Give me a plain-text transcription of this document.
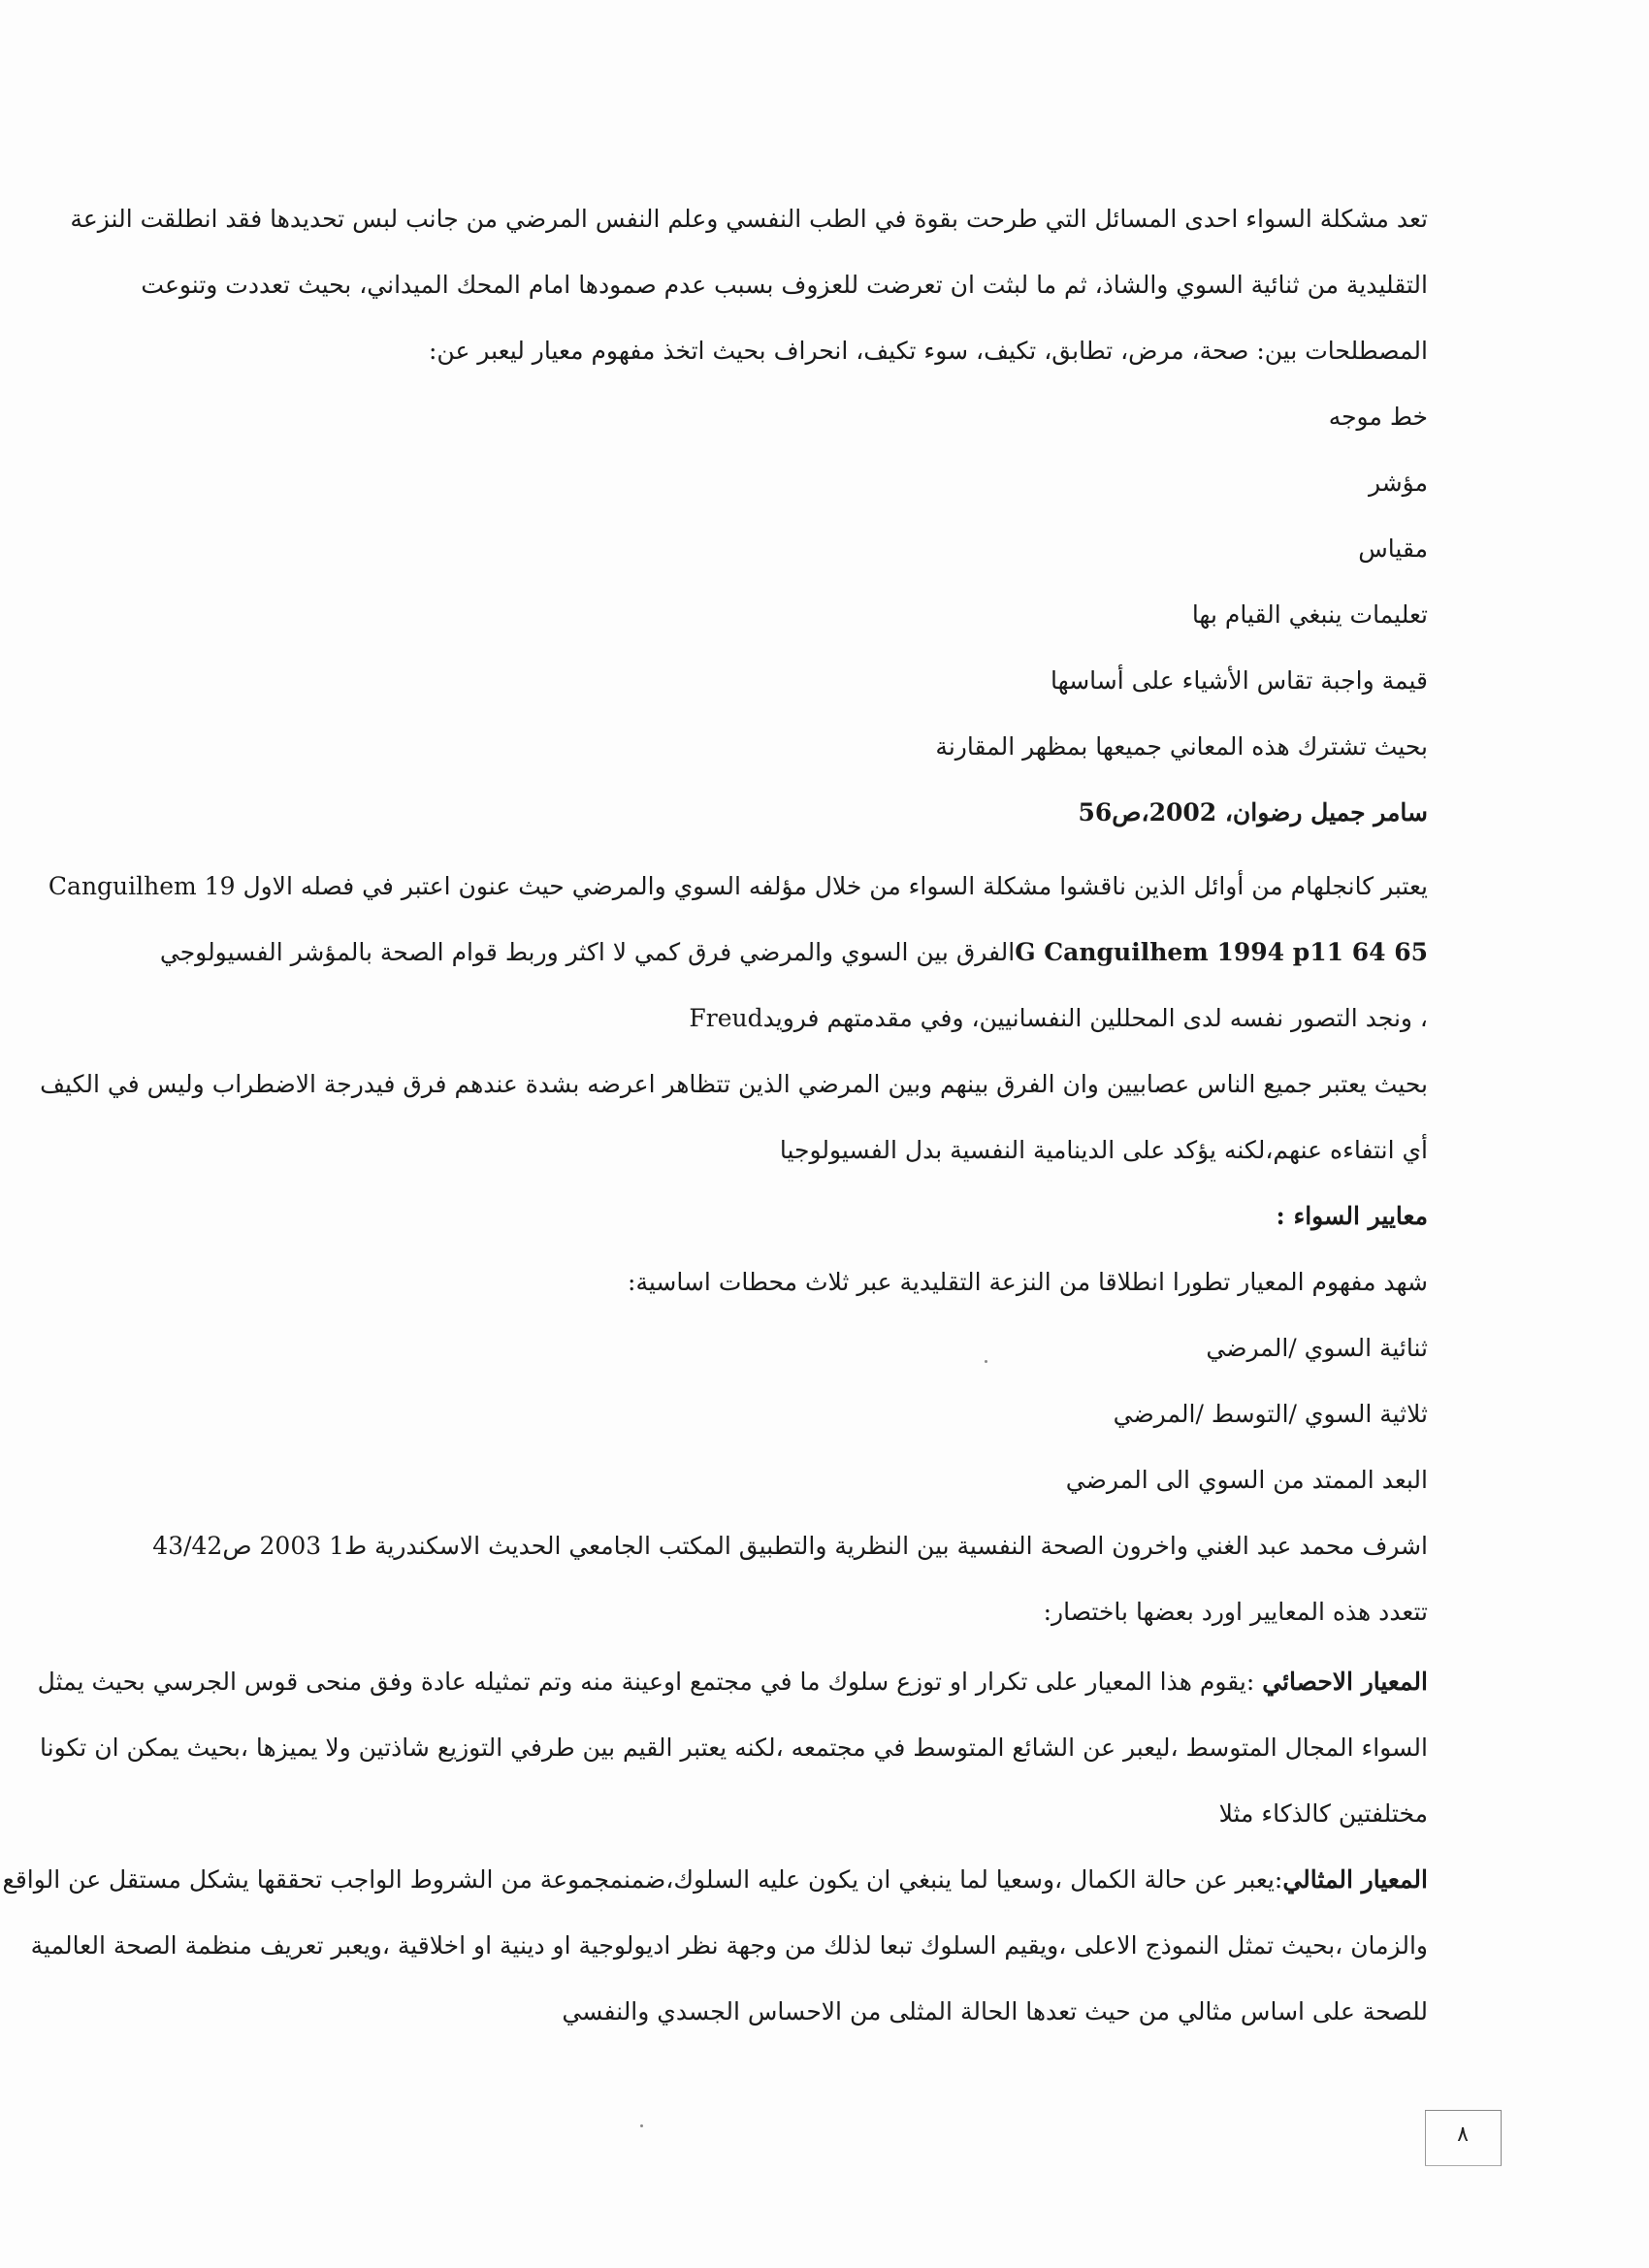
تعد مشكلة السواء احدى المسائل التي طرحت بقوة في الطب النفسي وعلم النفس المرضي من جانب لبس تحديدها فقد انطلقت النزعة
التقليدية من ثنائية السوي والشاذ، ثم ما لبثت ان تعرضت للعزوف بسبب عدم صمودها امام المحك الميداني، بحيث تعددت وتنوعت
المصطلحات بين: صحة، مرض، تطابق، تكيف، سوء تكيف، انحراف بحيث اتخذ مفهوم معيار ليعبر عن:
خط موجه
مؤشر
مقياس
تعليمات ينبغي القيام بها
قيمة واجبة تقاس الأشياء على أساسها
بحيث تشترك هذه المعاني جميعها بمظهر المقارنة
سامر جميل رضوان، 2002،ص56
يعتبر كانجلهام من أوائل الذين ناقشوا مشكلة السواء من خلال مؤلفه السوي والمرضي حيث عنون اعتبر في فصله الاول Canguilhem 19
G Canguilhem 1994 p11 64 65الفرق بين السوي والمرضي فرق كمي لا اكثر وربط قوام الصحة بالمؤشر الفسيولوجي
، ونجد التصور نفسه لدى المحللين النفسانيين، وفي مقدمتهم فرويدFreud
بحيث يعتبر جميع الناس عصابيين وان الفرق بينهم وبين المرضي الذين تتظاهر اعرضه بشدة عندهم فرق فيدرجة الاضطراب وليس في الكيف
أي انتفاءه عنهم،لكنه يؤكد على الدينامية النفسية بدل الفسيولوجيا
معايير السواء :
شهد مفهوم المعيار تطورا انطلاقا من النزعة التقليدية عبر ثلاث محطات اساسية:
ثنائية السوي /المرضي
ثلاثية السوي /التوسط /المرضي
البعد الممتد من السوي الى المرضي
اشرف محمد عبد الغني واخرون الصحة النفسية بين النظرية والتطبيق المكتب الجامعي الحديث الاسكندرية ط1 2003 ص43/42
تتعدد هذه المعايير اورد بعضها باختصار:
المعيار الاحصائي :يقوم هذا المعيار على تكرار او توزع سلوك ما في مجتمع اوعينة منه وتم تمثيله عادة وفق منحى قوس الجرسي بحيث يمثل
السواء المجال المتوسط ،ليعبر عن الشائع المتوسط في مجتمعه ،لكنه يعتبر القيم بين طرفي التوزيع شاذتين ولا يميزها ،بحيث يمكن ان تكونا
مختلفتين كالذكاء مثلا
المعيار المثالي:يعبر عن حالة الكمال ،وسعيا لما ينبغي ان يكون عليه السلوك،ضمنمجموعة من الشروط الواجب تحققها يشكل مستقل عن الواقع
والزمان ،بحيث تمثل النموذج الاعلى ،ويقيم السلوك تبعا لذلك من وجهة نظر اديولوجية او دينية او اخلاقية ،ويعبر تعريف منظمة الصحة العالمية
للصحة على اساس مثالي من حيث تعدها الحالة المثلى من الاحساس الجسدي والنفسي
٨
